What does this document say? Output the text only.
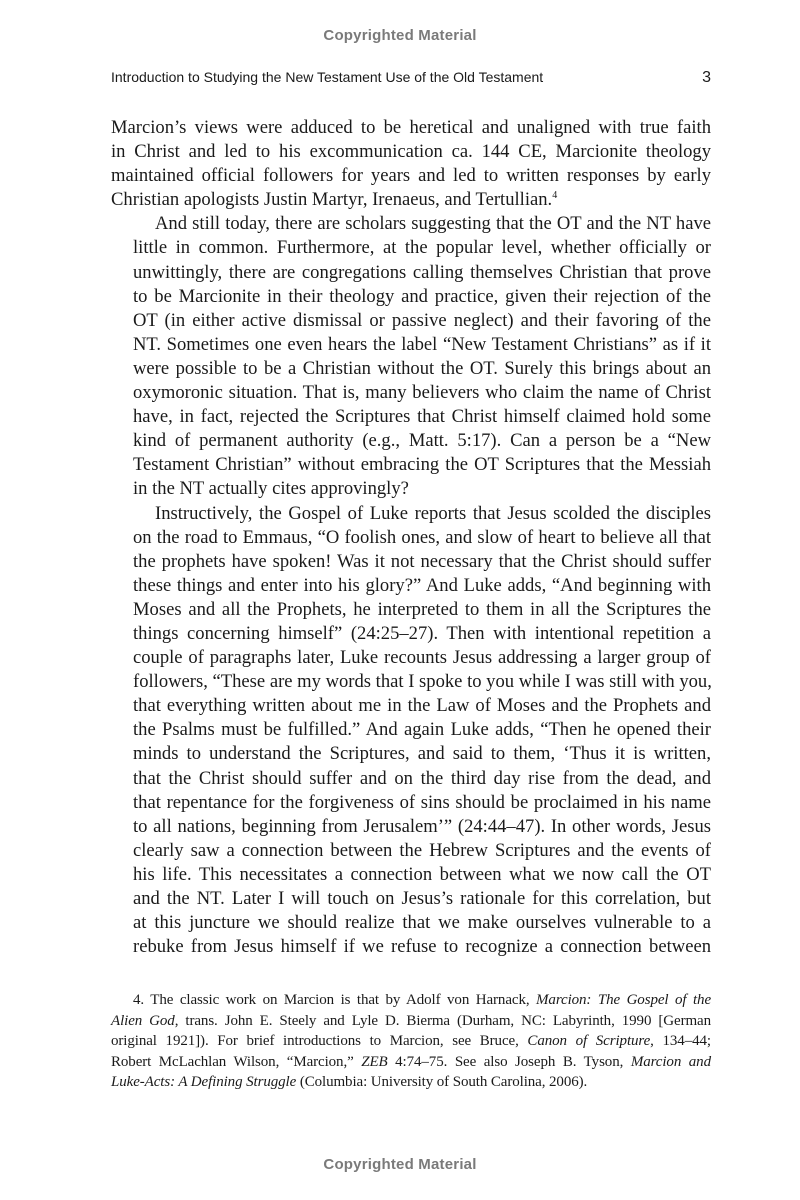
Copyrighted Material
Introduction to Studying the New Testament Use of the Old Testament	3

Marcion’s views were adduced to be heretical and unaligned with true faith
in Christ and led to his excommunication ca. 144 CE, Marcionite theology
maintained official followers for years and led to written responses by early
Christian apologists Justin Martyr, Irenaeus, and Tertullian.$^4$

And still today, there are scholars suggesting that the OT and the NT have
little in common. Furthermore, at the popular level, whether officially or
unwittingly, there are congregations calling themselves Christian that prove
to be Marcionite in their theology and practice, given their rejection of the
OT (in either active dismissal or passive neglect) and their favoring of the
NT. Sometimes one even hears the label “New Testament Christians” as if it
were possible to be a Christian without the OT. Surely this brings about an
oxymoronic situation. That is, many believers who claim the name of Christ
have, in fact, rejected the Scriptures that Christ himself claimed hold some
kind of permanent authority (e.g., Matt. 5:17). Can a person be a “New
Testament Christian” without embracing the OT Scriptures that the Messiah
in the NT actually cites approvingly?

Instructively, the Gospel of Luke reports that Jesus scolded the disciples
on the road to Emmaus, “O foolish ones, and slow of heart to believe all that
the prophets have spoken! Was it not necessary that the Christ should suffer
these things and enter into his glory?” And Luke adds, “And beginning with
Moses and all the Prophets, he interpreted to them in all the Scriptures the
things concerning himself” (24:25–27). Then with intentional repetition a
couple of paragraphs later, Luke recounts Jesus addressing a larger group of
followers, “These are my words that I spoke to you while I was still with you,
that everything written about me in the Law of Moses and the Prophets and
the Psalms must be fulfilled.” And again Luke adds, “Then he opened their
minds to understand the Scriptures, and said to them, ‘Thus it is written,
that the Christ should suffer and on the third day rise from the dead, and
that repentance for the forgiveness of sins should be proclaimed in his name
to all nations, beginning from Jerusalem’” (24:44–47). In other words, Jesus
clearly saw a connection between the Hebrew Scriptures and the events of
his life. This necessitates a connection between what we now call the OT
and the NT. Later I will touch on Jesus’s rationale for this correlation, but
at this juncture we should realize that we make ourselves vulnerable to a
rebuke from Jesus himself if we refuse to recognize a connection between

4. The classic work on Marcion is that by Adolf von Harnack, Marcion: The Gospel of the
Alien God, trans. John E. Steely and Lyle D. Bierma (Durham, NC: Labyrinth, 1990 [German
original 1921]). For brief introductions to Marcion, see Bruce, Canon of Scripture, 134–44;
Robert McLachlan Wilson, “Marcion,” ZEB 4:74–75. See also Joseph B. Tyson, Marcion and
Luke-Acts: A Defining Struggle (Columbia: University of South Carolina, 2006).
Copyrighted Material
